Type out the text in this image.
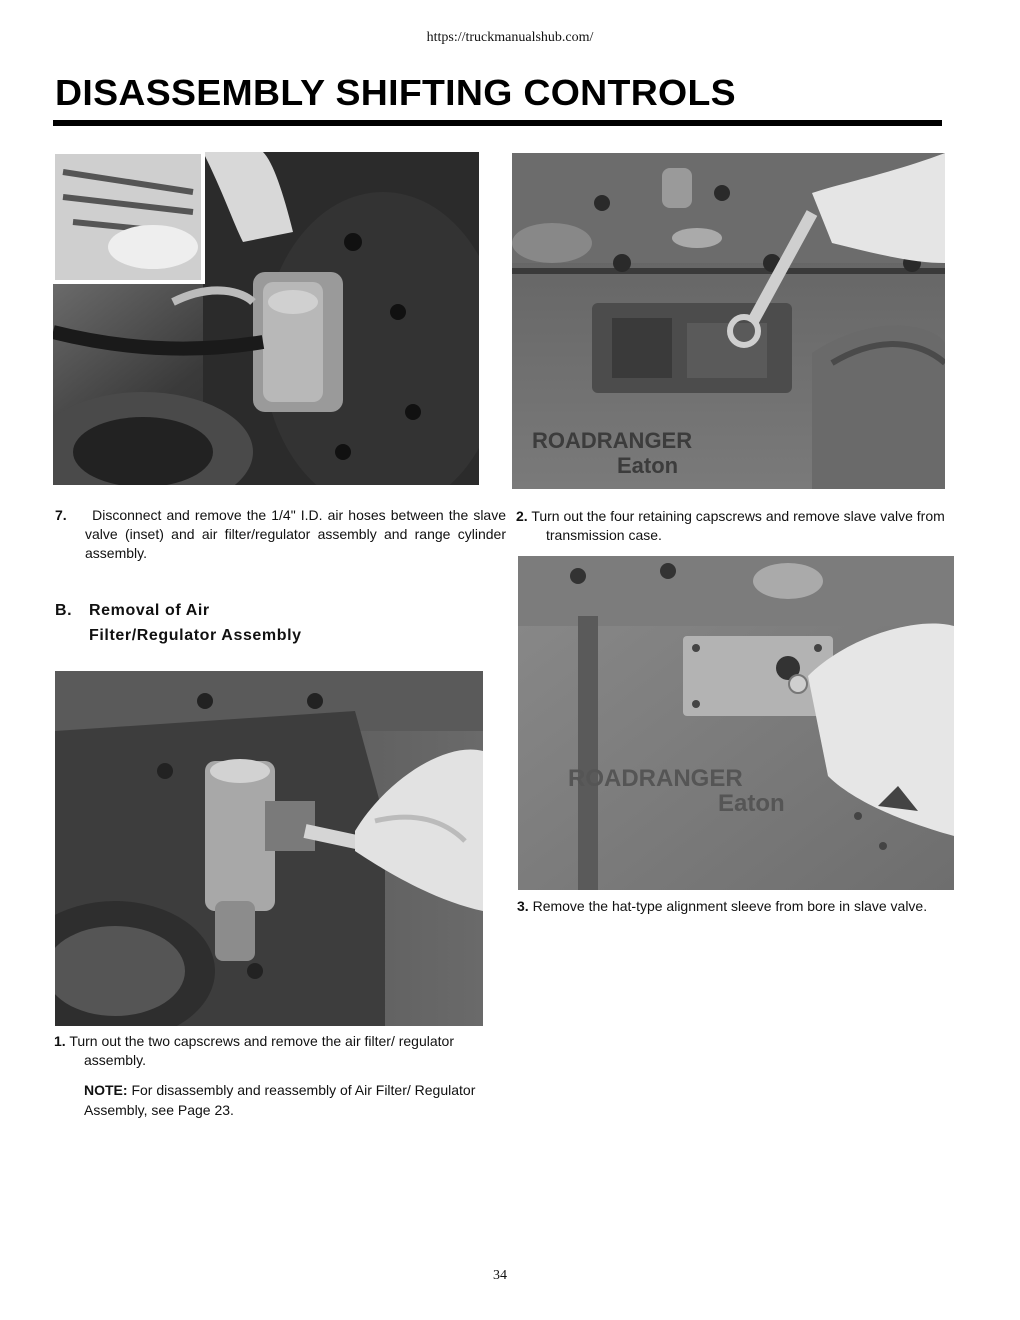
https://truckmanualshub.com/
DISASSEMBLY SHIFTING CONTROLS
ROADRANGER
Eaton
7. Disconnect and remove the 1/4" I.D. air hoses between the slave valve (inset) and air filter/regulator assembly and range cylinder assembly.
2. Turn out the four retaining capscrews and remove slave valve from transmission case.
B. Removal of Air
Filter/Regulator Assembly
ROADRANGER
Eaton
3. Remove the hat-type alignment sleeve from bore in slave valve.
1. Turn out the two capscrews and remove the air filter/ regulator assembly.
NOTE: For disassembly and reassembly of Air Filter/ Regulator Assembly, see Page 23.
34
